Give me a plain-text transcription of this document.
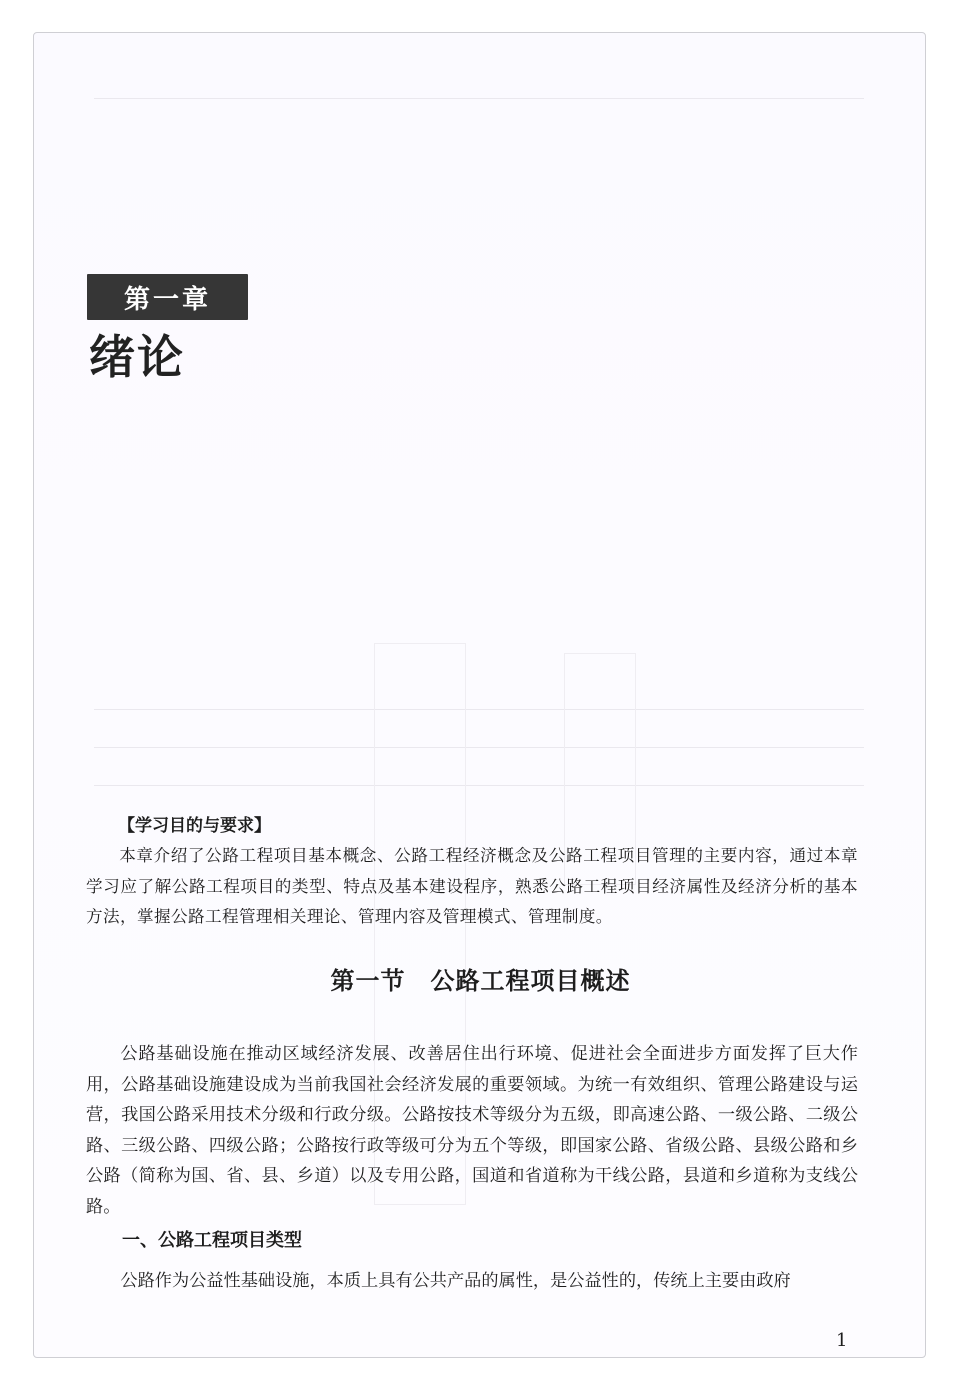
第一章
绪论
【学习目的与要求】
本章介绍了公路工程项目基本概念、公路工程经济概念及公路工程项目管理的主要内容，通过本章学习应了解公路工程项目的类型、特点及基本建设程序，熟悉公路工程项目经济属性及经济分析的基本方法，掌握公路工程管理相关理论、管理内容及管理模式、管理制度。
第一节　公路工程项目概述
公路基础设施在推动区域经济发展、改善居住出行环境、促进社会全面进步方面发挥了巨大作用，公路基础设施建设成为当前我国社会经济发展的重要领域。为统一有效组织、管理公路建设与运营，我国公路采用技术分级和行政分级。公路按技术等级分为五级，即高速公路、一级公路、二级公路、三级公路、四级公路；公路按行政等级可分为五个等级，即国家公路、省级公路、县级公路和乡公路（简称为国、省、县、乡道）以及专用公路，国道和省道称为干线公路，县道和乡道称为支线公路。
一、公路工程项目类型
公路作为公益性基础设施，本质上具有公共产品的属性，是公益性的，传统上主要由政府
1
